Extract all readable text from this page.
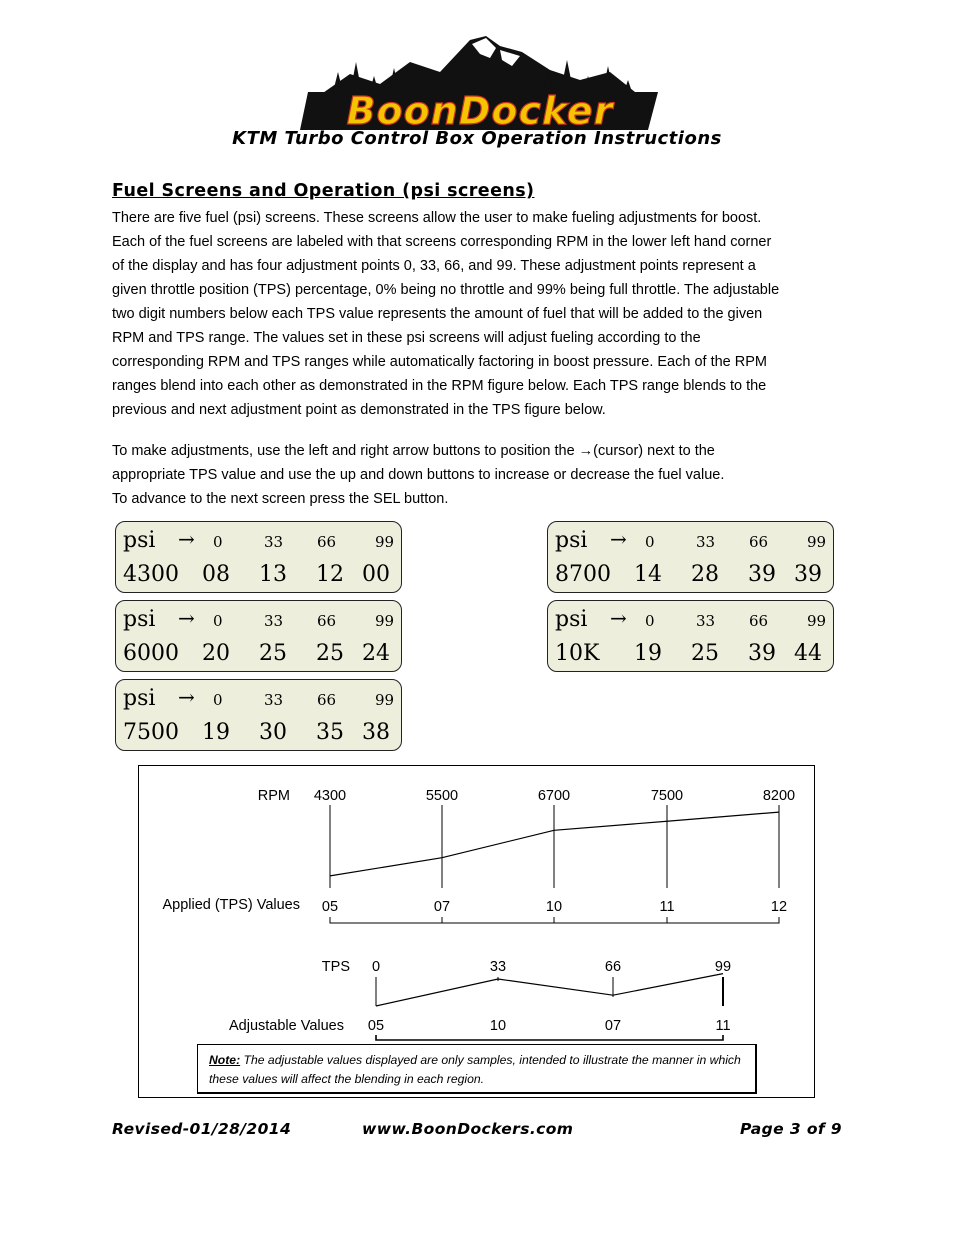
BoonDocker
KTM Turbo Control Box Operation Instructions
Fuel Screens and Operation (psi screens)

There are five fuel (psi) screens. These screens allow the user to make fueling adjustments for boost.

Each of the fuel screens are labeled with that screens corresponding RPM in the lower left hand corner

of the display and has four adjustment points 0, 33, 66, and 99. These adjustment points represent a

given throttle position (TPS) percentage, 0% being no throttle and 99% being full throttle. The adjustable

two digit numbers below each TPS value represents the amount of fuel that will be added to the given

RPM and TPS range. The values set in these psi screens will adjust fueling according to the

corresponding RPM and TPS ranges while automatically factoring in boost pressure. Each of the RPM

ranges blend into each other as demonstrated in the RPM figure below. Each TPS range blends to the

previous and next adjustment point as demonstrated in the TPS figure below.

To make adjustments, use the left and right arrow buttons to position the →(cursor) next to the

appropriate TPS value and use the up and down buttons to increase or decrease the fuel value.

To advance to the next screen press the SEL button.

psi → 0	33 66	99
4300 08 13 12 00
psi → 0	33 66	99
6000 20 25 25 24
psi → 0	33 66	99
7500 19 30 35 38
psi → 0	33 66	99
8700 14 28 39 39
psi → 0	33 66	99
10K 19 25 39 44
RPM 4300	5500	6700	7500	8200
Applied (TPS) Values 05	07	10	11	12
TPS 0	33	66	99
Adjustable Values 05	10	07	11
Note: The adjustable values displayed are only samples, intended to illustrate the manner in which these values will affect the blending in each region.
Revised-01/28/2014	www.BoonDockers.com	Page 3 of 9
